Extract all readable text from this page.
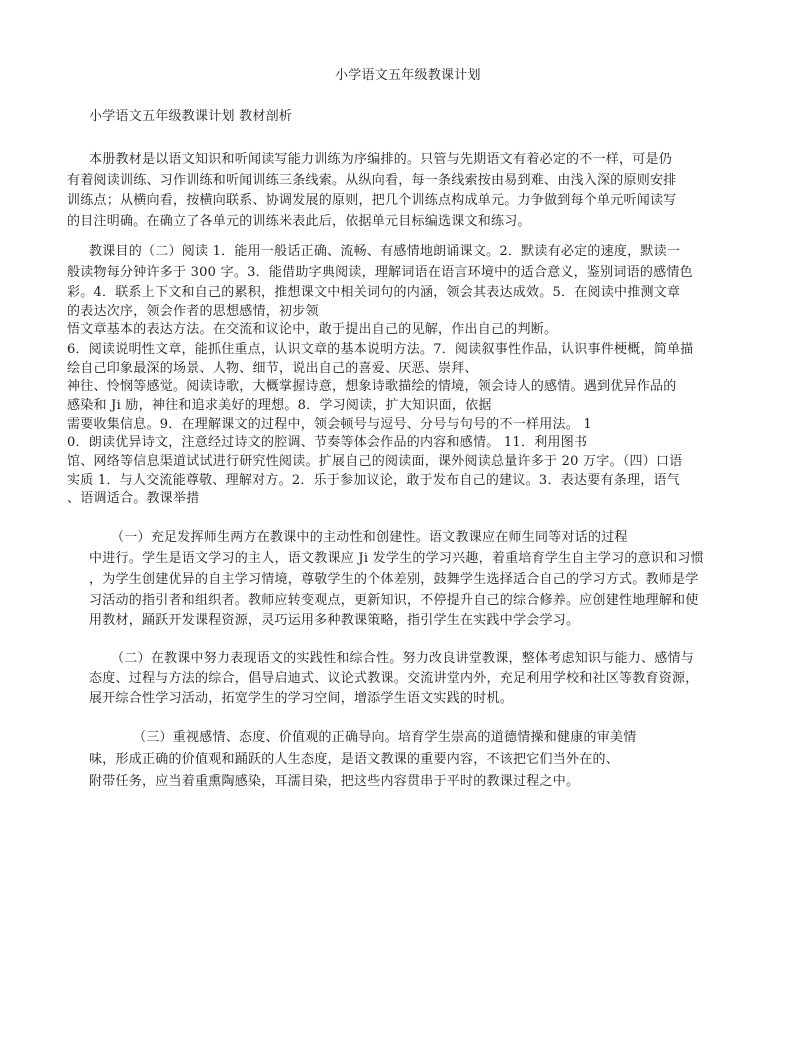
小学语文五年级教课计划

小学语文五年级教课计划 教材剖析

本册教材是以语文知识和听闻读写能力训练为序编排的。只管与先期语文有着必定的不一样，可是仍

有着阅读训练、习作训练和听闻训练三条线索。从纵向看，每一条线索按由易到难、由浅入深的原则安排

训练点；从横向看，按横向联系、协调发展的原则，把几个训练点构成单元。力争做到每个单元听闻读写

的目注明确。在确立了各单元的训练米表此后，依据单元目标编选课文和练习。

教课目的（二）阅读 1．能用一般话正确、流畅、有感情地朗诵课文。2．默读有必定的速度，默读一

般读物每分钟许多于 300 字。3．能借助字典阅读，理解词语在语言环境中的适合意义，鉴别词语的感情色

彩。4．联系上下文和自己的累积，推想课文中相关词句的内涵，领会其表达成效。5．在阅读中推测文章

的表达次序，领会作者的思想感情，初步领

悟文章基本的表达方法。在交流和议论中，敢于提出自己的见解，作出自己的判断。

6．阅读说明性文章，能抓住重点，认识文章的基本说明方法。7．阅读叙事性作品，认识事件梗概，简单描

绘自己印象最深的场景、人物、细节，说出自己的喜爱、厌恶、崇拜、

神往、怜悯等感觉。阅读诗歌，大概掌握诗意，想象诗歌描绘的情境，领会诗人的感情。遇到优异作品的

感染和 Ji 励，神往和追求美好的理想。8．学习阅读，扩大知识面，依据

需要收集信息。9．在理解课文的过程中，领会顿号与逗号、分号与句号的不一样用法。 1

0．朗读优异诗文，注意经过诗文的腔调、节奏等体会作品的内容和感情。 11．利用图书

馆、网络等信息渠道试试进行研究性阅读。扩展自己的阅读面，课外阅读总量许多于 20 万字。（四）口语

实质 1．与人交流能尊敬、理解对方。2．乐于参加议论，敢于发布自己的建议。3．表达要有条理，语气

、语调适合。教课举措

（一）充足发挥师生两方在教课中的主动性和创建性。语文教课应在师生同等对话的过程

中进行。学生是语文学习的主人，语文教课应 Ji 发学生的学习兴趣，着重培育学生自主学习的意识和习惯

，为学生创建优异的自主学习情境，尊敬学生的个体差别，鼓舞学生选择适合自己的学习方式。教师是学

习活动的指引者和组织者。教师应转变观点，更新知识，不停提升自己的综合修养。应创建性地理解和使

用教材，踊跃开发课程资源，灵巧运用多种教课策略，指引学生在实践中学会学习。

（二）在教课中努力表现语文的实践性和综合性。努力改良讲堂教课，整体考虑知识与能力、感情与

态度、过程与方法的综合，倡导启迪式、议论式教课。交流讲堂内外，充足利用学校和社区等教育资源，

展开综合性学习活动，拓宽学生的学习空间，增添学生语文实践的时机。

（三）重视感情、态度、价值观的正确导向。培育学生崇高的道德情操和健康的审美情

味，形成正确的价值观和踊跃的人生态度，是语文教课的重要内容，不该把它们当外在的、

附带任务，应当着重熏陶感染，耳濡目染，把这些内容贯串于平时的教课过程之中。
